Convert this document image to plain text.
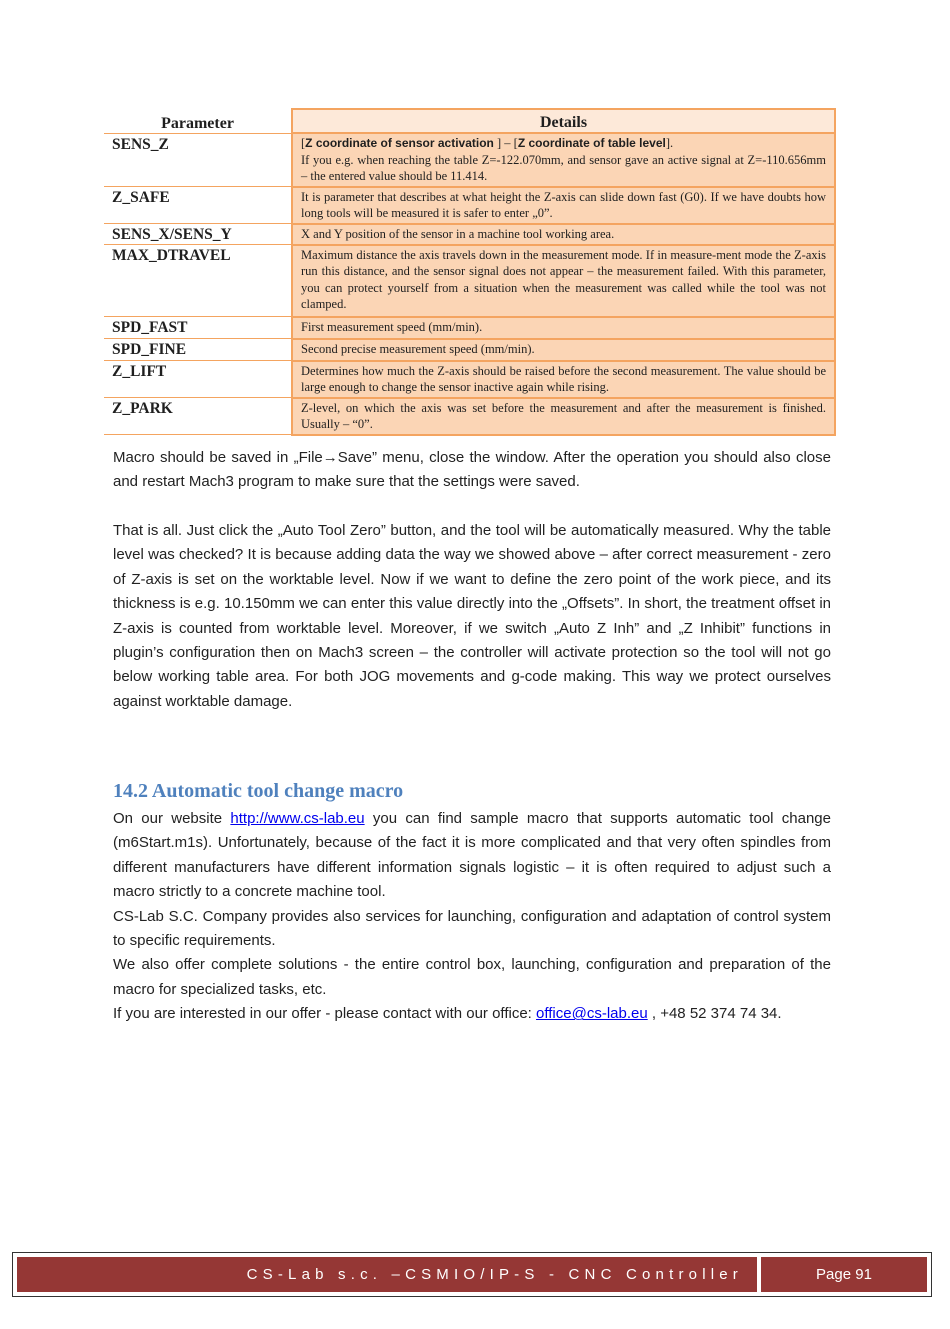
Parameter	Details
SENS_Z	[Z coordinate of sensor activation ] – [Z coordinate of table level].
If you e.g. when reaching the table Z=-122.070mm, and sensor gave an active signal at Z=-110.656mm – the entered value should be 11.414.
Z_SAFE	It is parameter that describes at what height the Z-axis can slide down fast (G0). If we have doubts how long tools will be measured it is safer to enter „0”.
SENS_X/SENS_Y	X and Y position of the sensor in a machine tool working area.
MAX_DTRAVEL	Maximum distance the axis travels down in the measurement mode. If in measure-ment mode the Z-axis run this distance, and the sensor signal does not appear – the measurement failed. With this parameter, you can protect yourself from a situation when the measurement was called while the tool was not clamped.
SPD_FAST	First measurement speed (mm/min).
SPD_FINE	Second precise measurement speed (mm/min).
Z_LIFT	Determines how much the Z-axis should be raised before the second measurement. The value should be large enough to change the sensor inactive again while rising.
Z_PARK	Z-level, on which the axis was set before the measurement and after the measurement is finished. Usually – “0”.

Macro should be saved in „File→Save” menu, close the window. After the operation you should also close and restart Mach3 program to make sure that the settings were saved.

That is all. Just click the „Auto Tool Zero” button, and the tool will be automatically measured. Why the table level was checked? It is because adding data the way we showed above – after correct measurement - zero of Z-axis is set on the worktable level. Now if we want to define the zero point of the work piece, and its thickness is e.g. 10.150mm we can enter this value directly into the „Offsets”. In short, the treatment offset in Z-axis is counted from worktable level. Moreover, if we switch „Auto Z Inh” and „Z Inhibit” functions in plugin’s configuration then on Mach3 screen – the controller will activate protection so the tool will not go below working table area. For both JOG movements and g-code making. This way we protect ourselves against worktable damage.

14.2 Automatic tool change macro

On our website http://www.cs-lab.eu you can find sample macro that supports automatic tool change (m6Start.m1s). Unfortunately, because of the fact it is more complicated and that very often spindles from different manufacturers have different information signals logistic – it is often required to adjust such a macro strictly to a concrete machine tool.

CS-Lab S.C. Company provides also services for launching, configuration and adaptation of control system to specific requirements.

We also offer complete solutions - the entire control box, launching, configuration and preparation of the macro for specialized tasks, etc.

If you are interested in our offer - please contact with our office: office@cs-lab.eu , +48 52 374 74 34.

CS-Lab s.c. –CSMIO/IP-S - CNC Controller	Page 91
